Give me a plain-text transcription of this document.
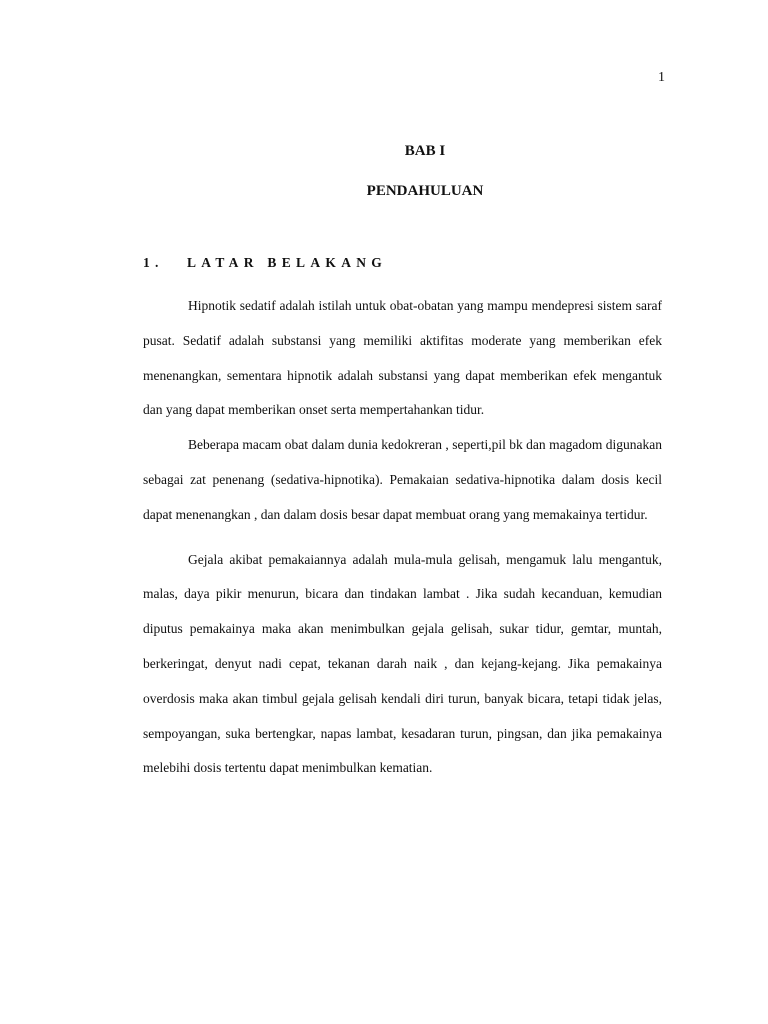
1
BAB I
PENDAHULUAN
1. LATAR BELAKANG

Hipnotik sedatif adalah istilah untuk obat-obatan yang mampu mendepresi sistem saraf pusat. Sedatif adalah substansi yang memiliki aktifitas moderate yang memberikan efek menenangkan, sementara hipnotik adalah substansi yang dapat memberikan efek mengantuk dan yang dapat memberikan onset serta mempertahankan tidur.

Beberapa macam obat dalam dunia kedokreran , seperti,pil bk dan magadom digunakan sebagai zat penenang (sedativa-hipnotika). Pemakaian sedativa-hipnotika dalam dosis kecil dapat menenangkan , dan dalam dosis besar dapat membuat orang yang memakainya tertidur.

Gejala akibat pemakaiannya adalah mula-mula gelisah, mengamuk lalu mengantuk, malas, daya pikir menurun, bicara dan tindakan lambat . Jika sudah kecanduan, kemudian diputus pemakainya maka akan menimbulkan gejala gelisah, sukar tidur, gemtar, muntah, berkeringat, denyut nadi cepat, tekanan darah naik , dan kejang-kejang. Jika pemakainya overdosis maka akan timbul gejala gelisah kendali diri turun, banyak bicara, tetapi tidak jelas, sempoyangan, suka bertengkar, napas lambat, kesadaran turun, pingsan, dan jika pemakainya melebihi dosis tertentu dapat menimbulkan kematian.
